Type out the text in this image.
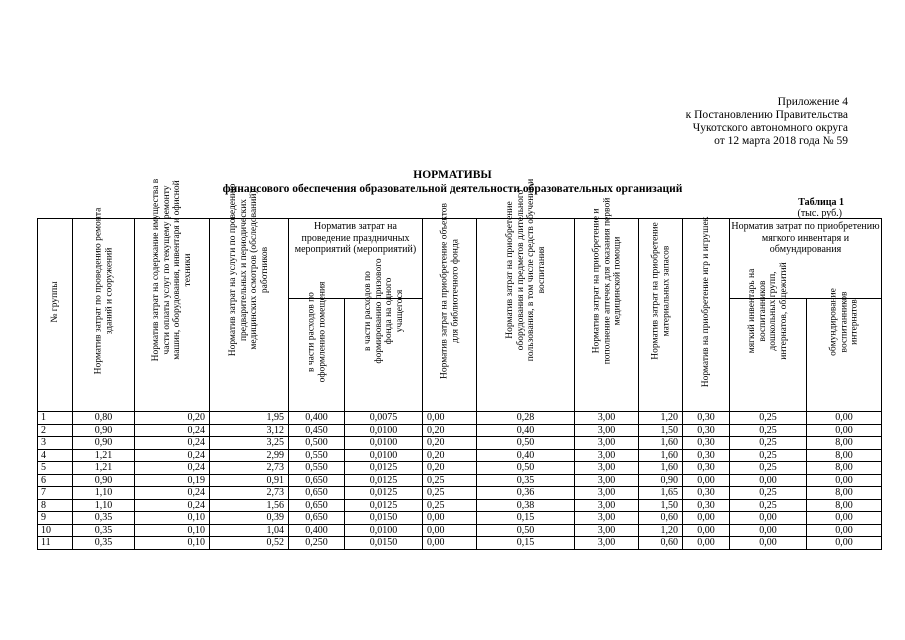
Приложение 4
к Постановлению Правительства
Чукотского автономного округа
от 12 марта 2018 года № 59
НОРМАТИВЫ
финансового обеспечения образовательной деятельности образовательных организаций
Таблица 1
(тыс. руб.)
№ группы	Норматив затрат по проведению ремонта зданий и сооружений	Норматив затрат на содержание имущества в части оплаты услуг по текущему ремонту машин, оборудования, инвентаря и офисной техники	Норматив затрат на услуги по проведению предварительных и периодических медицинских осмотров (обследований) работников	Норматив затрат на проведение праздничных мероприятий (мероприятий)		Норматив затрат на приобретение объектов для библиотечного фонда	Норматив затрат на приобретение оборудования и предметов длительного пользования, в том числе средств обучения и воспитания	Норматив затрат на приобретение и пополнение аптечек для оказания первой медицинской помощи	Норматив затрат на приобретение материальных запасов	Норматив на приобретение игр и игрушек	Норматив затрат по приобретению мягкого инвентаря и обмундирования	

				в части расходов по оформлению помещения	в части расходов по формированию призового фонда на одного учащегося						мягкий инвентарь на воспитанников дошкольных групп, интернатов, общежитий	обмундирование воспитанников интернатов

1	0,80	0,20	1,95	0,400	0,0075	0,00	0,28	3,00	1,20	0,30	0,25	0,00
2	0,90	0,24	3,12	0,450	0,0100	0,20	0,40	3,00	1,50	0,30	0,25	0,00
3	0,90	0,24	3,25	0,500	0,0100	0,20	0,50	3,00	1,60	0,30	0,25	8,00
4	1,21	0,24	2,99	0,550	0,0100	0,20	0,40	3,00	1,60	0,30	0,25	8,00
5	1,21	0,24	2,73	0,550	0,0125	0,20	0,50	3,00	1,60	0,30	0,25	8,00
6	0,90	0,19	0,91	0,650	0,0125	0,25	0,35	3,00	0,90	0,00	0,00	0,00
7	1,10	0,24	2,73	0,650	0,0125	0,25	0,36	3,00	1,65	0,30	0,25	8,00
8	1,10	0,24	1,56	0,650	0,0125	0,25	0,38	3,00	1,50	0,30	0,25	8,00
9	0,35	0,10	0,39	0,650	0,0150	0,00	0,15	3,00	0,60	0,00	0,00	0,00
10	0,35	0,10	1,04	0,400	0,0100	0,00	0,50	3,00	1,20	0,00	0,00	0,00
11	0,35	0,10	0,52	0,250	0,0150	0,00	0,15	3,00	0,60	0,00	0,00	0,00
